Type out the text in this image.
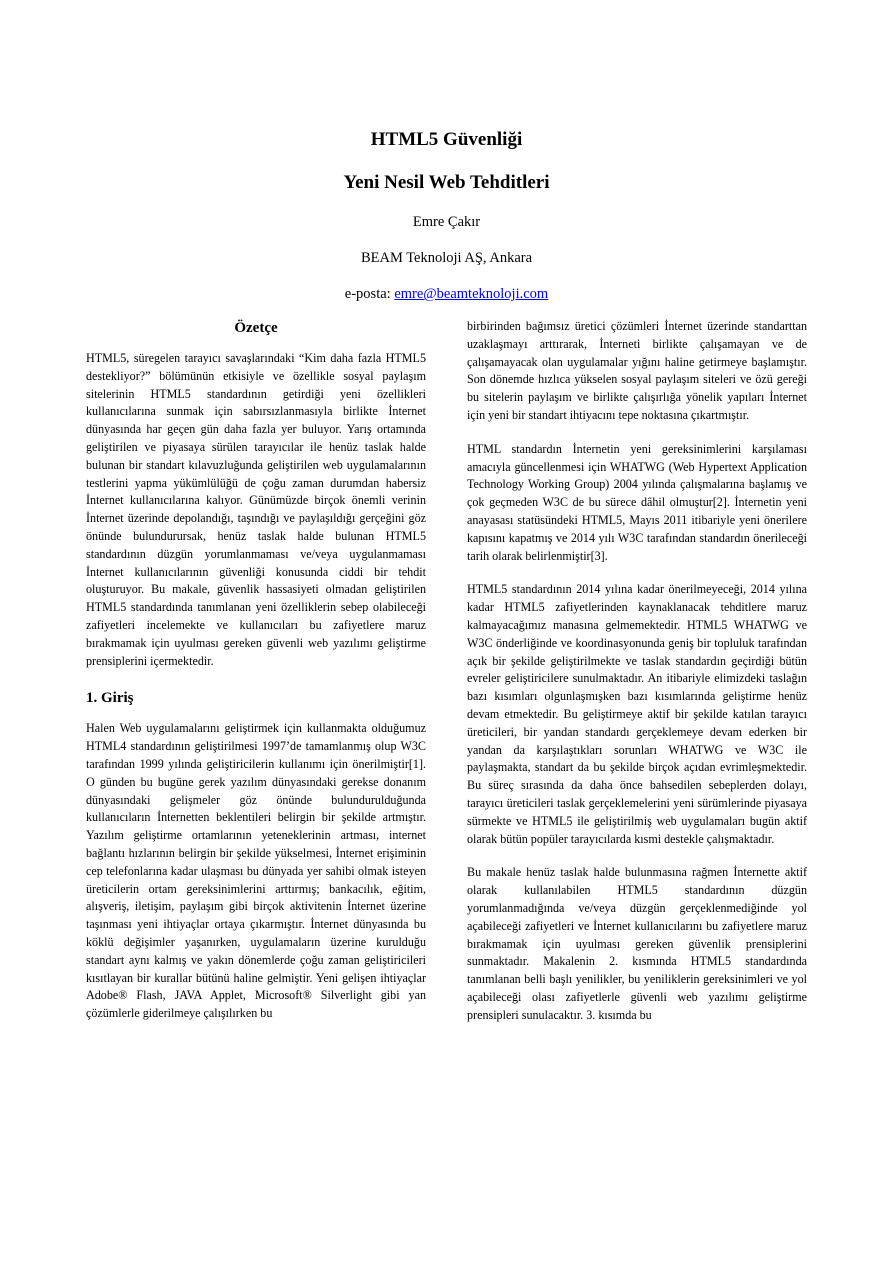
HTML5 Güvenliği
Yeni Nesil Web Tehditleri
Emre Çakır
BEAM Teknoloji AŞ, Ankara
e-posta: emre@beamteknoloji.com
Özetçe

HTML5, süregelen tarayıcı savaşlarındaki “Kim daha fazla HTML5 destekliyor?” bölümünün etkisiyle ve özellikle sosyal paylaşım sitelerinin HTML5 standardının getirdiği yeni özellikleri kullanıcılarına sunmak için sabırsızlanmasıyla birlikte İnternet dünyasında har geçen gün daha fazla yer buluyor. Yarış ortamında geliştirilen ve piyasaya sürülen tarayıcılar ile henüz taslak halde bulunan bir standart kılavuzluğunda geliştirilen web uygulamalarının testlerini yapma yükümlülüğü de çoğu zaman durumdan habersiz İnternet kullanıcılarına kalıyor. Günümüzde birçok önemli verinin İnternet üzerinde depolandığı, taşındığı ve paylaşıldığı gerçeğini göz önünde bulundurursak, henüz taslak halde bulunan HTML5 standardının düzgün yorumlanmaması ve/veya uygulanmaması İnternet kullanıcılarının güvenliği konusunda ciddi bir tehdit oluşturuyor. Bu makale, güvenlik hassasiyeti olmadan geliştirilen HTML5 standardında tanımlanan yeni özelliklerin sebep olabileceği zafiyetleri incelemekte ve kullanıcıları bu zafiyetlere maruz bırakmamak için uyulması gereken güvenli web yazılımı geliştirme prensiplerini içermektedir.

1. Giriş

Halen Web uygulamalarını geliştirmek için kullanmakta olduğumuz HTML4 standardının geliştirilmesi 1997’de tamamlanmış olup W3C tarafından 1999 yılında geliştiricilerin kullanımı için önerilmiştir[1]. O günden bu bugüne gerek yazılım dünyasındaki gerekse donanım dünyasındaki gelişmeler göz önünde bulundurulduğunda kullanıcıların İnternetten beklentileri belirgin bir şekilde artmıştır. Yazılım geliştirme ortamlarının yeteneklerinin artması, internet bağlantı hızlarının belirgin bir şekilde yükselmesi, İnternet erişiminin cep telefonlarına kadar ulaşması bu dünyada yer sahibi olmak isteyen üreticilerin ortam gereksinimlerini arttırmış; bankacılık, eğitim, alışveriş, iletişim, paylaşım gibi birçok aktivitenin İnternet üzerine taşınması yeni ihtiyaçlar ortaya çıkarmıştır. İnternet dünyasında bu köklü değişimler yaşanırken, uygulamaların üzerine kurulduğu standart aynı kalmış ve yakın dönemlerde çoğu zaman geliştiricileri kısıtlayan bir kurallar bütünü haline gelmiştir. Yeni gelişen ihtiyaçlar Adobe® Flash, JAVA Applet, Microsoft® Silverlight gibi yan çözümlerle giderilmeye çalışılırken bu

birbirinden bağımsız üretici çözümleri İnternet üzerinde standarttan uzaklaşmayı arttırarak, İnterneti birlikte çalışamayan ve de çalışamayacak olan uygulamalar yığını haline getirmeye başlamıştır. Son dönemde hızlıca yükselen sosyal paylaşım siteleri ve özü gereği bu sitelerin paylaşım ve birlikte çalışırlığa yönelik yapıları İnternet için yeni bir standart ihtiyacını tepe noktasına çıkartmıştır.

HTML standardın İnternetin yeni gereksinimlerini karşılaması amacıyla güncellenmesi için WHATWG (Web Hypertext Application Technology Working Group) 2004 yılında çalışmalarına başlamış ve çok geçmeden W3C de bu sürece dâhil olmuştur[2]. İnternetin yeni anayasası statüsündeki HTML5, Mayıs 2011 itibariyle yeni önerilere kapısını kapatmış ve 2014 yılı W3C tarafından standardın önerileceği tarih olarak belirlenmiştir[3].

HTML5 standardının 2014 yılına kadar önerilmeyeceği, 2014 yılına kadar HTML5 zafiyetlerinden kaynaklanacak tehditlere maruz kalmayacağımız manasına gelmemektedir. HTML5 WHATWG ve W3C önderliğinde ve koordinasyonunda geniş bir topluluk tarafından açık bir şekilde geliştirilmekte ve taslak standardın geçirdiği bütün evreler geliştiricilere sunulmaktadır. An itibariyle elimizdeki taslağın bazı kısımları olgunlaşmışken bazı kısımlarında geliştirme henüz devam etmektedir. Bu geliştirmeye aktif bir şekilde katılan tarayıcı üreticileri, bir yandan standardı gerçeklemeye devam ederken bir yandan da karşılaştıkları sorunları WHATWG ve W3C ile paylaşmakta, standart da bu şekilde birçok açıdan evrimleşmektedir. Bu süreç sırasında da daha önce bahsedilen sebeplerden dolayı, tarayıcı üreticileri taslak gerçeklemelerini yeni sürümlerinde piyasaya sürmekte ve HTML5 ile geliştirilmiş web uygulamaları bugün aktif olarak bütün popüler tarayıcılarda kısmi destekle çalışmaktadır.

Bu makale henüz taslak halde bulunmasına rağmen İnternette aktif olarak kullanılabilen HTML5 standardının düzgün yorumlanmadığında ve/veya düzgün gerçeklenmediğinde yol açabileceği zafiyetleri ve İnternet kullanıcılarını bu zafiyetlere maruz bırakmamak için uyulması gereken güvenlik prensiplerini sunmaktadır. Makalenin 2. kısmında HTML5 standardında tanımlanan belli başlı yenilikler, bu yeniliklerin gereksinimleri ve yol açabileceği olası zafiyetlerle güvenli web yazılımı geliştirme prensipleri sunulacaktır. 3. kısımda bu
